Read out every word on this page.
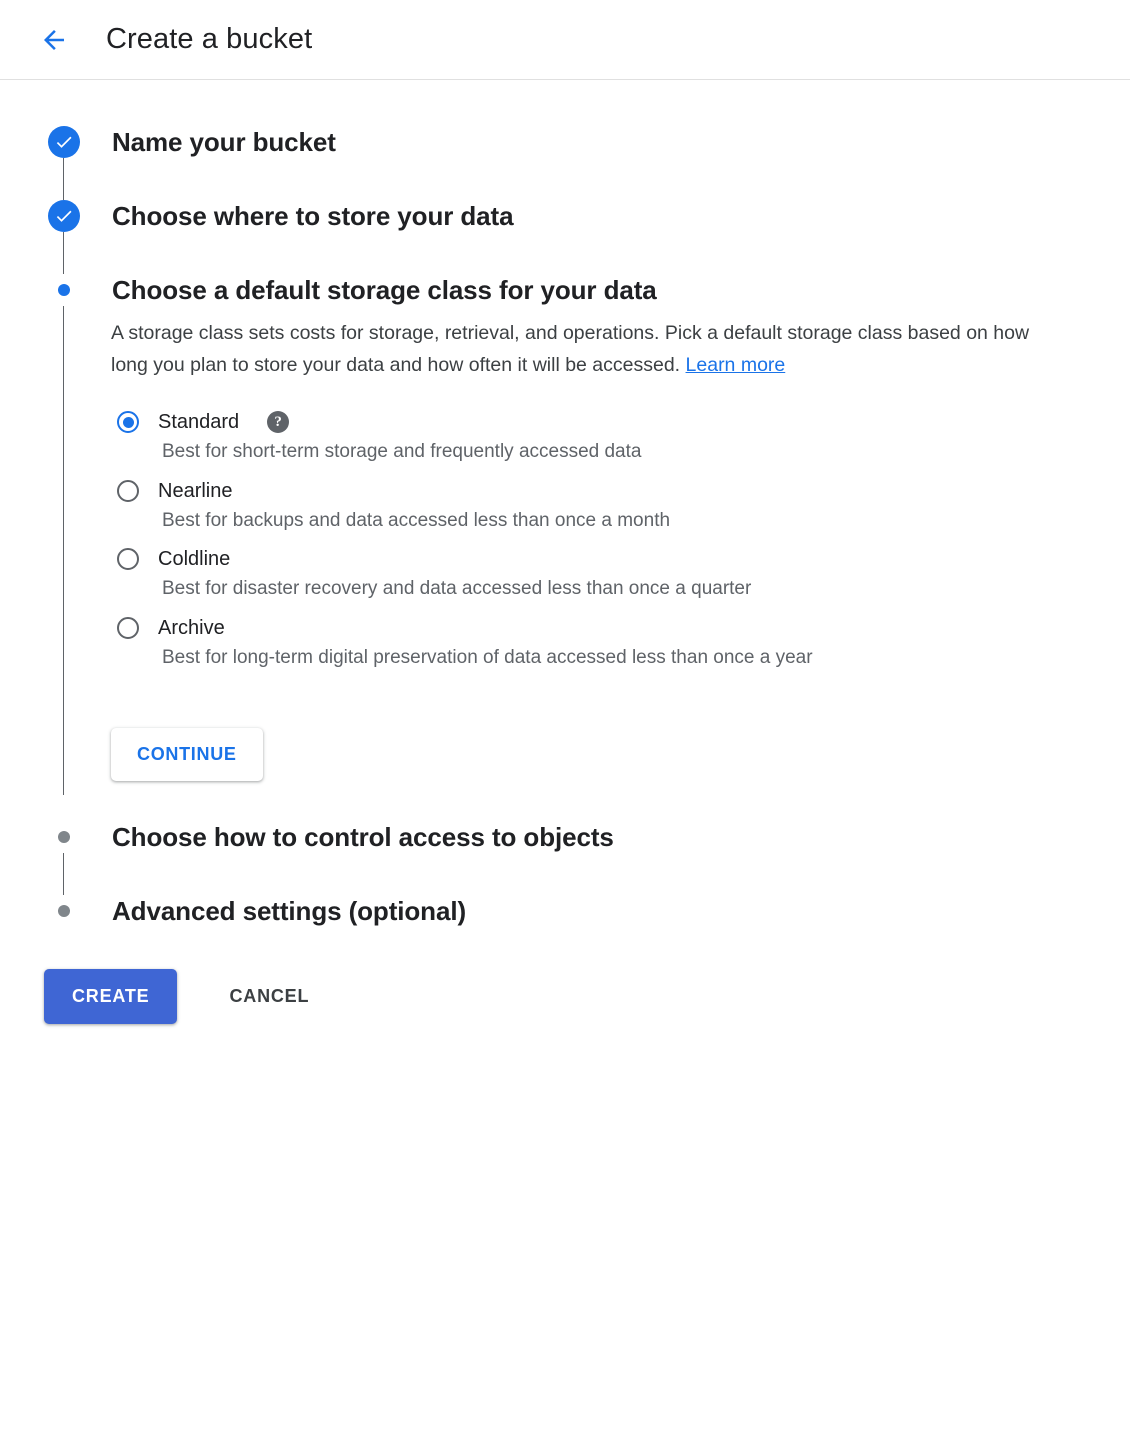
Create a bucket
Name your bucket
Choose where to store your data
Choose a default storage class for your data
A storage class sets costs for storage, retrieval, and operations. Pick a default storage class based on how long you plan to store your data and how often it will be accessed. Learn more
Standard	?
Best for short-term storage and frequently accessed data
Nearline
Best for backups and data accessed less than once a month
Coldline
Best for disaster recovery and data accessed less than once a quarter
Archive
Best for long-term digital preservation of data accessed less than once a year
CONTINUE
Choose how to control access to objects
Advanced settings (optional)
CREATE	CANCEL
